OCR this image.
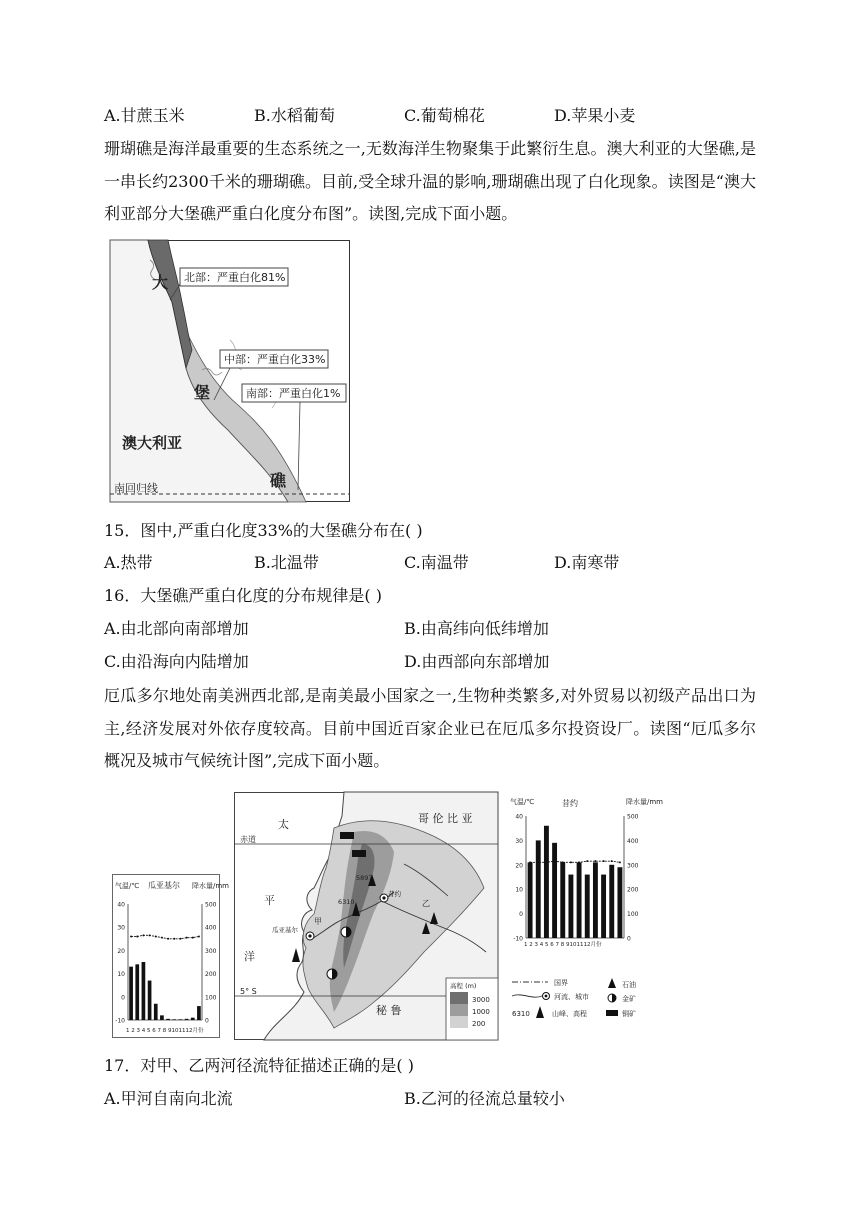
A.甘蔗玉米	B.水稻葡萄	C.葡萄棉花	D.苹果小麦
珊瑚礁是海洋最重要的生态系统之一,无数海洋生物聚集于此繁衍生息。澳大利亚的大堡礁,是一串长约2300千米的珊瑚礁。目前,受全球升温的影响,珊瑚礁出现了白化现象。读图是“澳大利亚部分大堡礁严重白化度分布图”。读图,完成下面小题。
北部：严重白化81%
中部：严重白化33%
南部：严重白化1%
大
堡
礁
澳大利亚
南回归线
15．图中,严重白化度33%的大堡礁分布在( )
A.热带	B.北温带	C.南温带	D.南寒带
16．大堡礁严重白化度的分布规律是( )
A.由北部向南部增加	B.由高纬向低纬增加
C.由沿海向内陆增加	D.由西部向东部增加
厄瓜多尔地处南美洲西北部,是南美最小国家之一,生物种类繁多,对外贸易以初级产品出口为主,经济发展对外依存度较高。目前中国近百家企业已在厄瓜多尔投资设厂。读图“厄瓜多尔概况及城市气候统计图”,完成下面小题。
气温/℃ 瓜亚基尔 降水量/mm
1 2 3 4 5 6 7 8 9101112月份
40	500
30	400
20	300
10	200
0	100
-10	0
高程 (m)
3000
1000
200
哥 伦 比 亚
太
平
洋
赤道
5° S
秘 鲁
5897
6310
昔约
瓜亚基尔
甲
乙
气温/℃	昔约	降水量/mm
1 2 3 4 5 6 7 8 9101112月份
40	500
30	400
20	300
10	200
0	100
-10	0
国界
河流、城市
6310	山峰、高程
石油
金矿
铜矿
17．对甲、乙两河径流特征描述正确的是( )
A.甲河自南向北流	B.乙河的径流总量较小
